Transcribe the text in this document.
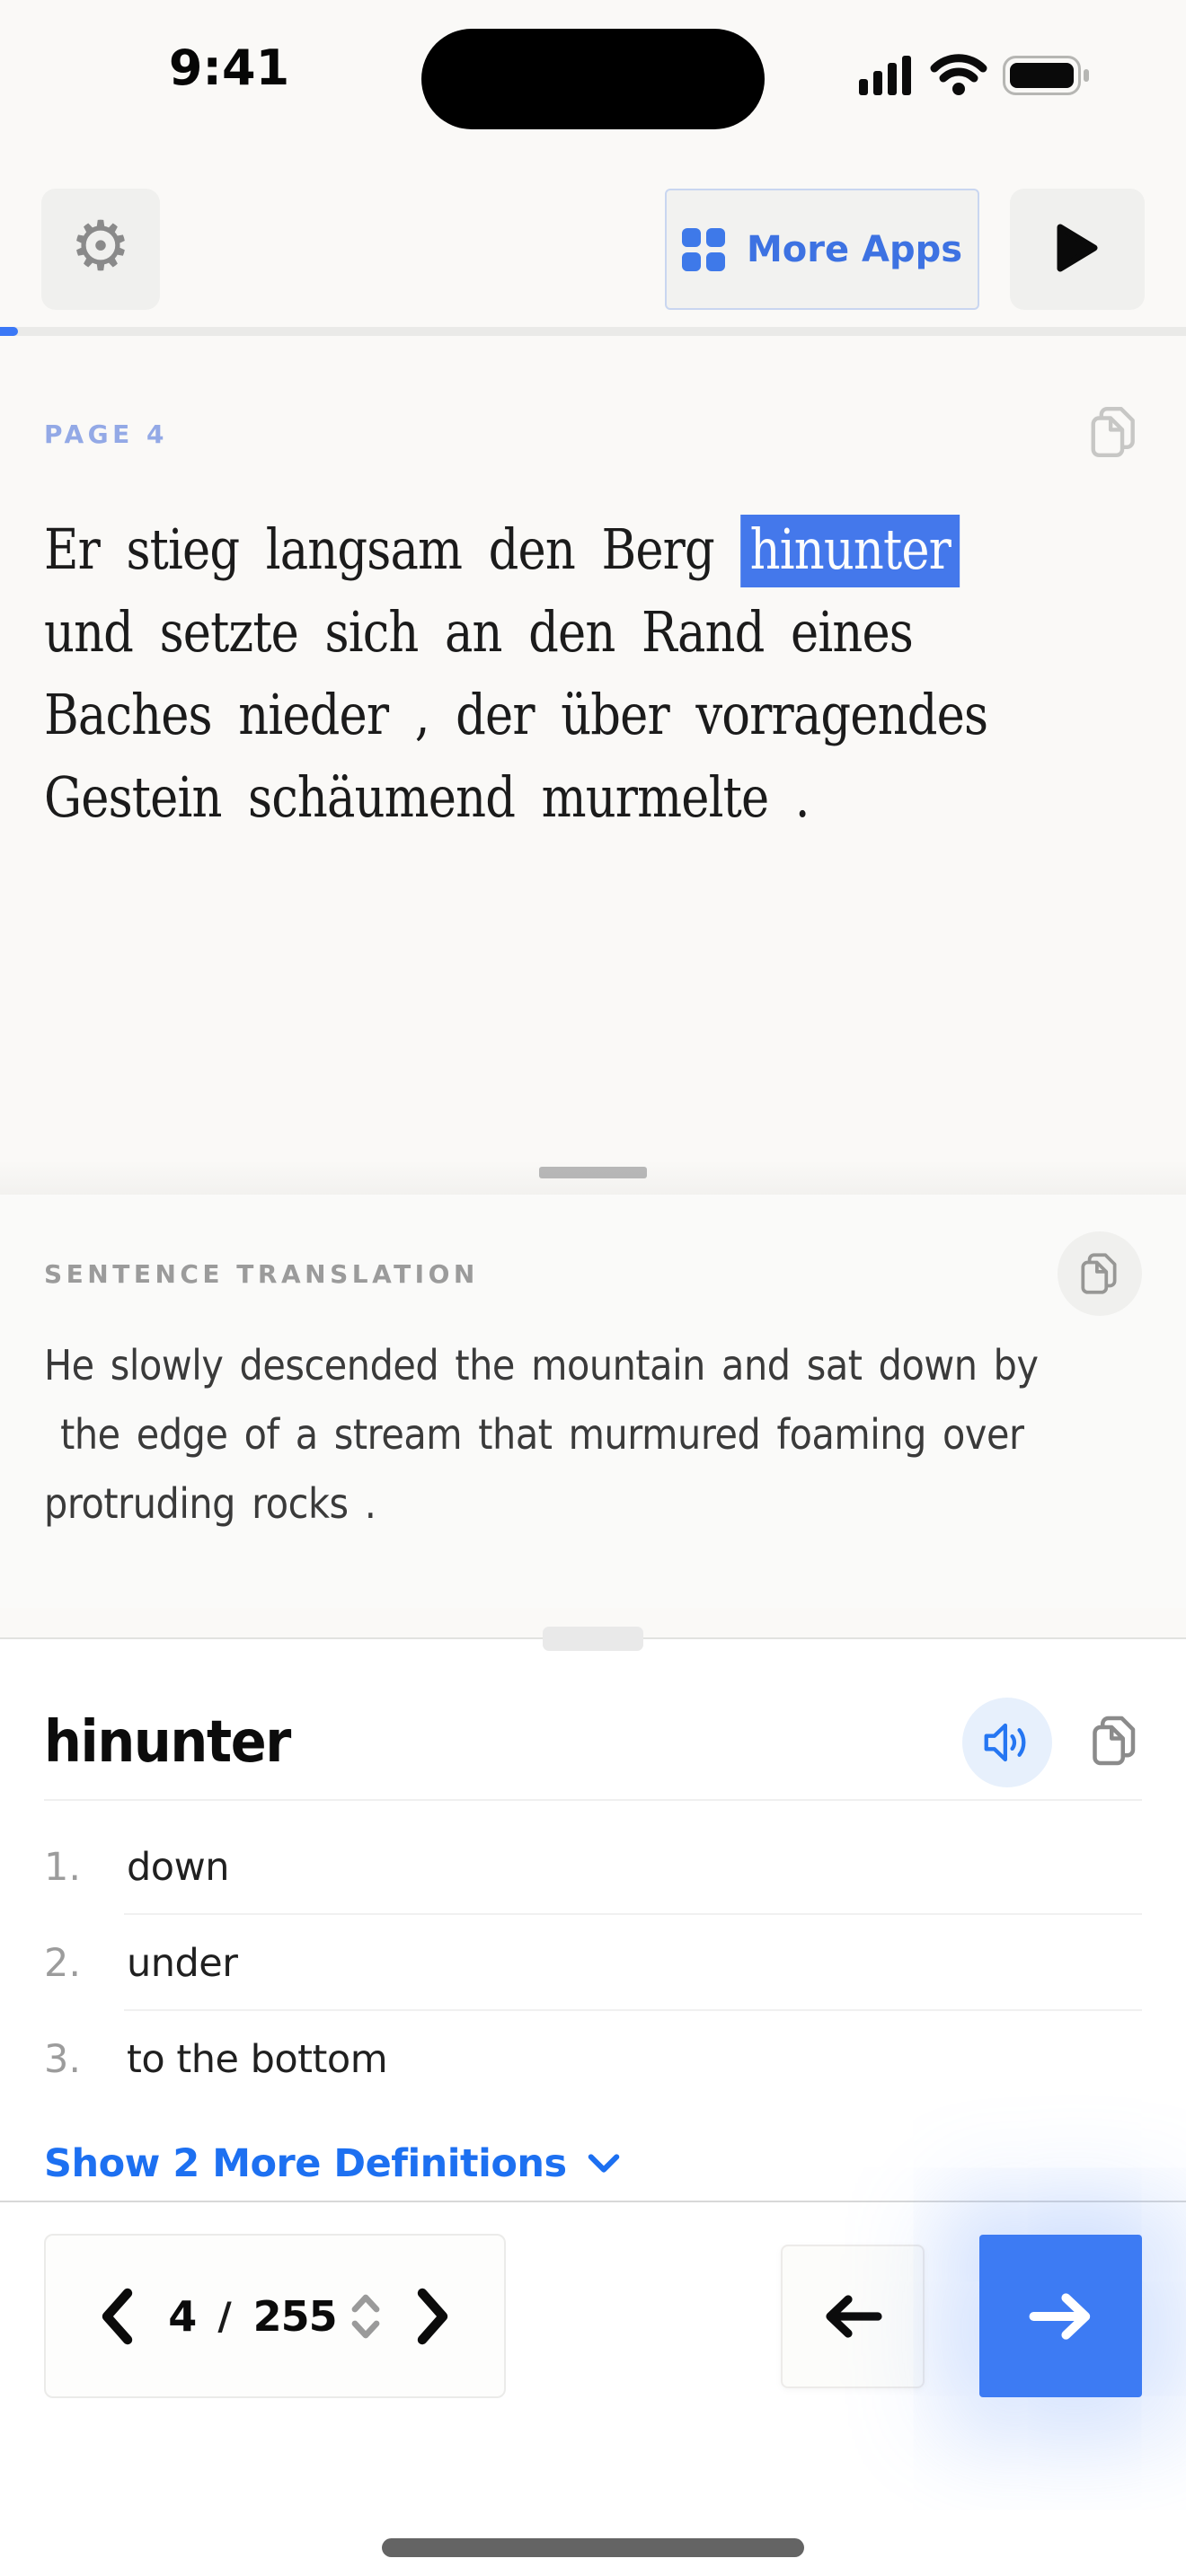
9:41
⚙	More Apps
PAGE 4
Er stieg langsam den Berg hinunter
und setzte sich an den Rand eines
Baches nieder , der über vorragendes
Gestein schäumend murmelte .
SENTENCE TRANSLATION
He slowly descended the mountain and sat down by
the edge of a stream that murmured foaming over
protruding rocks .
hinunter
1.	down
2.	under
3.	to the bottom
Show 2 More Definitions
4 / 255
